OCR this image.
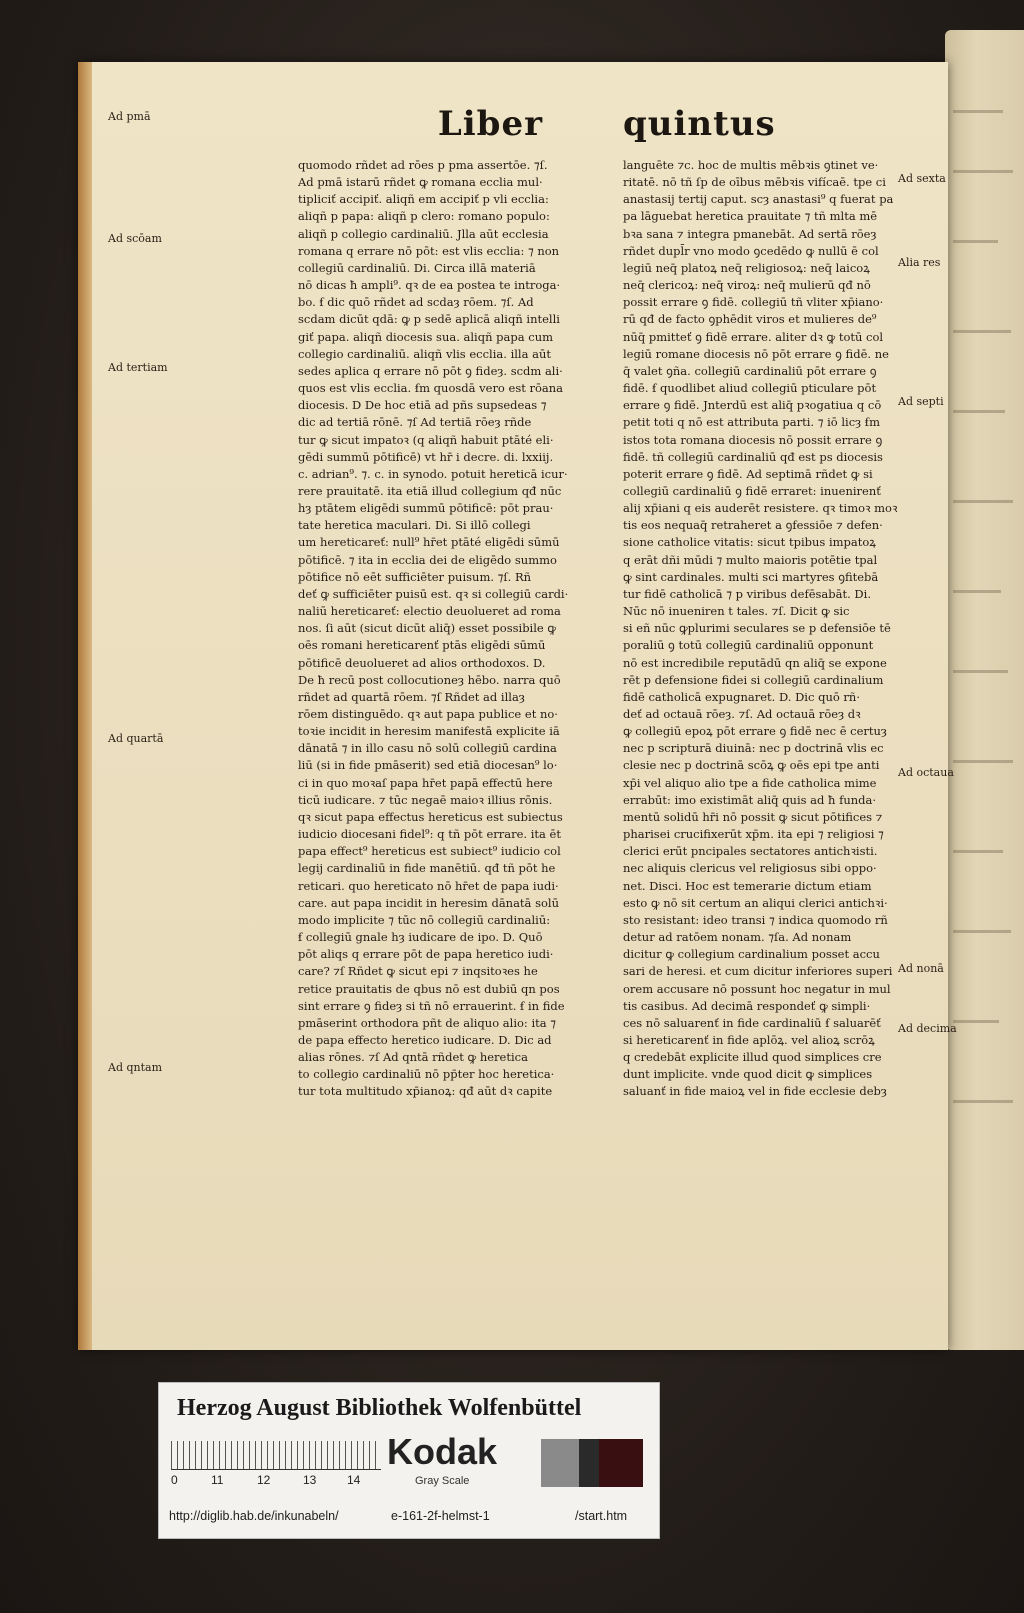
Liber quintus
quomodo rñdet ad rōes p pma assertōe. ⁊ſ.
Ad pmā istarū rñdet ꝙ romana ecclia mul·
tipliciť accipiť. aliqñ em accipiť p vli ecclia:
aliqñ p papa: aliqñ p clero: romano populo:
aliqñ p collegio cardinaliū. Jlla aūt ecclesia
romana q errare nō pōt: est vlis ecclia: ⁊ non
collegiū cardinaliū. Di. Circa illā materiā
nō dicas ħ ampli⁹. qꝛ de ea postea te introga·
bo. ẜ dic quō rñdet ad scdaȝ rōem. ⁊ſ. Ad
scdam dicūt qdā: ꝙ p sedē aplicā aliqñ intelli
giť papa. aliqñ diocesis sua. aliqñ papa cum
collegio cardinaliū. aliqñ vlis ecclia. illa aūt
sedes aplica q errare nō pōt ꝯ fideȝ. scdm ali·
quos est vlis ecclia. ẜm quosdā vero est rōana
diocesis. D De hoc etiā ad pñs supsedeas ⁊
dic ad tertiā rōnē. ⁊ſ Ad tertiā rōeȝ rñde
tur ꝙ sicut impatoꝛ (q aliqñ habuit ptāté eli·
gēdi summū pōtificē) vt hr̄ i decre. di. lxxiij.
c. adrian⁹. ⁊. c. in synodo. potuit hereticā icur·
rere prauitatē. ita etiā illud collegium qđ nūc
hȝ ptātem eligēdi summū pōtificē: pōt prau·
tate heretica maculari. Di. Si illō collegi
um hereticareť: null⁹ hr̄et ptāté eligēdi sūmū
pōtificē. ⁊ ita in ecclia dei de eligēdo summo
pōtifice nō eēt sufficiēter puisum. ⁊ſ. Rñ
deť ꝙ sufficiēter puisū est. qꝛ si collegiū cardi·
naliū hereticareť: electio deuolueret ad roma
nos. ſi aūt (sicut dicūt aliq̄) esset possibile ꝙ
oēs romani hereticarenť ptās eligēdi sūmū
pōtificē deuolueret ad alios orthodoxos. D.
De ħ recū post collocutioneȝ hēbo. narra quō
rñdet ad quartā rōem. ⁊ſ Rñdet ad illaȝ
rōem distinguēdo. qꝛ aut papa publice et no·
toꝛie incidit in heresim manifestā explicite iā
dānatā ⁊ in illo casu nō solū collegiū cardina
liū (si in fide pmāserit) sed etiā diocesan⁹ lo·
ci in quo moꝛaſ papa hr̄et papā effectū here
ticū iudicare. ⁊ tūc negaē maioꝛ illius rōnis.
qꝛ sicut papa effectus hereticus est subiectus
iudicio diocesani fidel⁹: q tñ pōt errare. ita ēt
papa effect⁹ hereticus est subiect⁹ iudicio col
legij cardinaliū in fide manētiū. qđ tñ pōt he
reticari. quo hereticato nō hr̄et de papa iudi·
care. aut papa incidit in heresim dānatā solū
modo implicite ⁊ tūc nō collegiū cardinaliū:
ẜ collegiū gnale hȝ iudicare de ipo. D. Quō
pōt aliqs q errare pōt de papa heretico iudi·
care? ⁊ſ Rñdet ꝙ sicut epi ⁊ inqsitoꝛes he
retice prauitatis de qbus nō est dubiū qn pos
sint errare ꝯ fideȝ si tñ nō errauerint. ẜ in fide
pmāserint orthodora pñt de aliquo alio: ita ⁊
de papa effecto heretico iudicare. D. Dic ad
alias rōnes. ⁊ſ Ad qntā rñdet ꝙ heretica
to collegio cardinaliū nō pp̄ter hoc heretica·
tur tota multitudo xp̄ianoꝝ: qđ aūt dꝛ capite
languēte ⁊c. hoc de multis mēbꝛis ꝯtinet ve·
ritatē. nō tñ ſp de oībus mēbꝛis vifícaē. tpe ci
anastasij tertij caput. scȝ anastasi⁹ q fuerat pa
pa lāguebat heretica prauitate ⁊ tñ mlta mē
bꝛa sana ⁊ integra pmanebāt. Ad sertā rōeȝ
rñdet dupl̄r vno modo ꝯcedēdo ꝙ nullū ē col
legiū neq̄ platoꝝ neq̄ religiosoꝝ: neq̄ laicoꝝ
neq̄ clericoꝝ: neq̄ viroꝝ: neq̄ mulierū qđ nō
possit errare ꝯ fidē. collegiū tñ vliter xp̄iano·
rū qđ de facto ꝯphēdit viros et mulieres de⁹
nūq̄ pmitteť ꝯ fidē errare. aliter dꝛ ꝙ totū col
legiū romane diocesis nō pōt errare ꝯ fidē. ne
q̄ valet ꝯña. collegiū cardinaliū pōt errare ꝯ
fidē. ẜ quodlibet aliud collegiū pticulare pōt
errare ꝯ fidē. Jnterdū est aliq̄ pꝛogatiua q cō
petit toti q nō est attributa parti. ⁊ iō licȝ ẜm
istos tota romana diocesis nō possit errare ꝯ
fidē. tñ collegiū cardinaliū qđ est ps diocesis
poterit errare ꝯ fidē. Ad septimā rñdet ꝙ si
collegiū cardinaliū ꝯ fidē erraret: inuenirenť
alij xp̄iani q eis auderēt resistere. qꝛ timoꝛ moꝛ
tis eos nequaq̄ retraheret a ꝯfessiōe ⁊ defen·
sione catholice vitatis: sicut tpibus impatoꝝ
q erāt dñi mūdi ⁊ multo maioris potētie tpal
ꝙ sint cardinales. multi sci martyres ꝯfitebā
tur fidē catholicā ⁊ p viribus defēsabāt. Di.
Nūc nō inueniren t tales. ⁊ſ. Dicit ꝙ sic
si eñ nūc ꝙplurimi seculares se p defensiōe tē
poraliū ꝯ totū collegiū cardinaliū opponunt
nō est incredibile reputādū qn aliq̄ se expone
rēt p defensione fidei si collegiū cardinalium
fidē catholicā expugnaret. D. Dic quō rñ·
deť ad octauā rōeȝ. ⁊ſ. Ad octauā rōeȝ dꝛ
ꝙ collegiū epoꝝ pōt errare ꝯ fidē nec ē certuȝ
nec p scripturā diuinā: nec p doctrinā vlis ec
clesie nec p doctrinā scōꝝ ꝙ oēs epi tpe anti
xp̄i vel aliquo alio tpe a fide catholica mime
errabūt: imo existimāt aliq̄ quis ad ħ funda·
mentū solidū hr̄i nō possit ꝙ sicut pōtifices ⁊
pharisei crucifixerūt xp̄m. ita epi ⁊ religiosi ⁊
clerici erūt pncipales sectatores antichꝛisti.
nec aliquis clericus vel religiosus sibi oppo·
net. Disci. Hoc est temerarie dictum etiam
esto ꝙ nō sit certum an aliqui clerici antichꝛi·
sto resistant: ideo transi ⁊ indica quomodo rñ
detur ad ratōem nonam. ⁊ſa. Ad nonam
dicitur ꝙ collegium cardinalium posset accu
sari de heresi. et cum dicitur inferiores superi
orem accusare nō possunt hoc negatur in mul
tis casibus. Ad decimā respondeť ꝙ simpli·
ces nō saluarenť in fide cardinaliū ẜ saluarēť
si hereticarenť in fide aplōꝝ. vel alioꝝ scrōꝝ
q credebāt explicite illud quod simplices cre
dunt implicite. vnde quod dicit ꝙ simplices
saluanť in fide maioꝝ vel in fide ecclesie debȝ
Ad pmā
Ad scōam
Ad tertiam
Ad quartā
Ad qntam
Ad sexta
Alia res
Ad septi
Ad octaua
Ad nonā
Ad decima
Herzog August Bibliothek Wolfenbüttel
0	11	12	13	14
Kodak
Gray Scale
http://diglib.hab.de/inkunabeln/	e-161-2f-helmst-1	/start.htm
